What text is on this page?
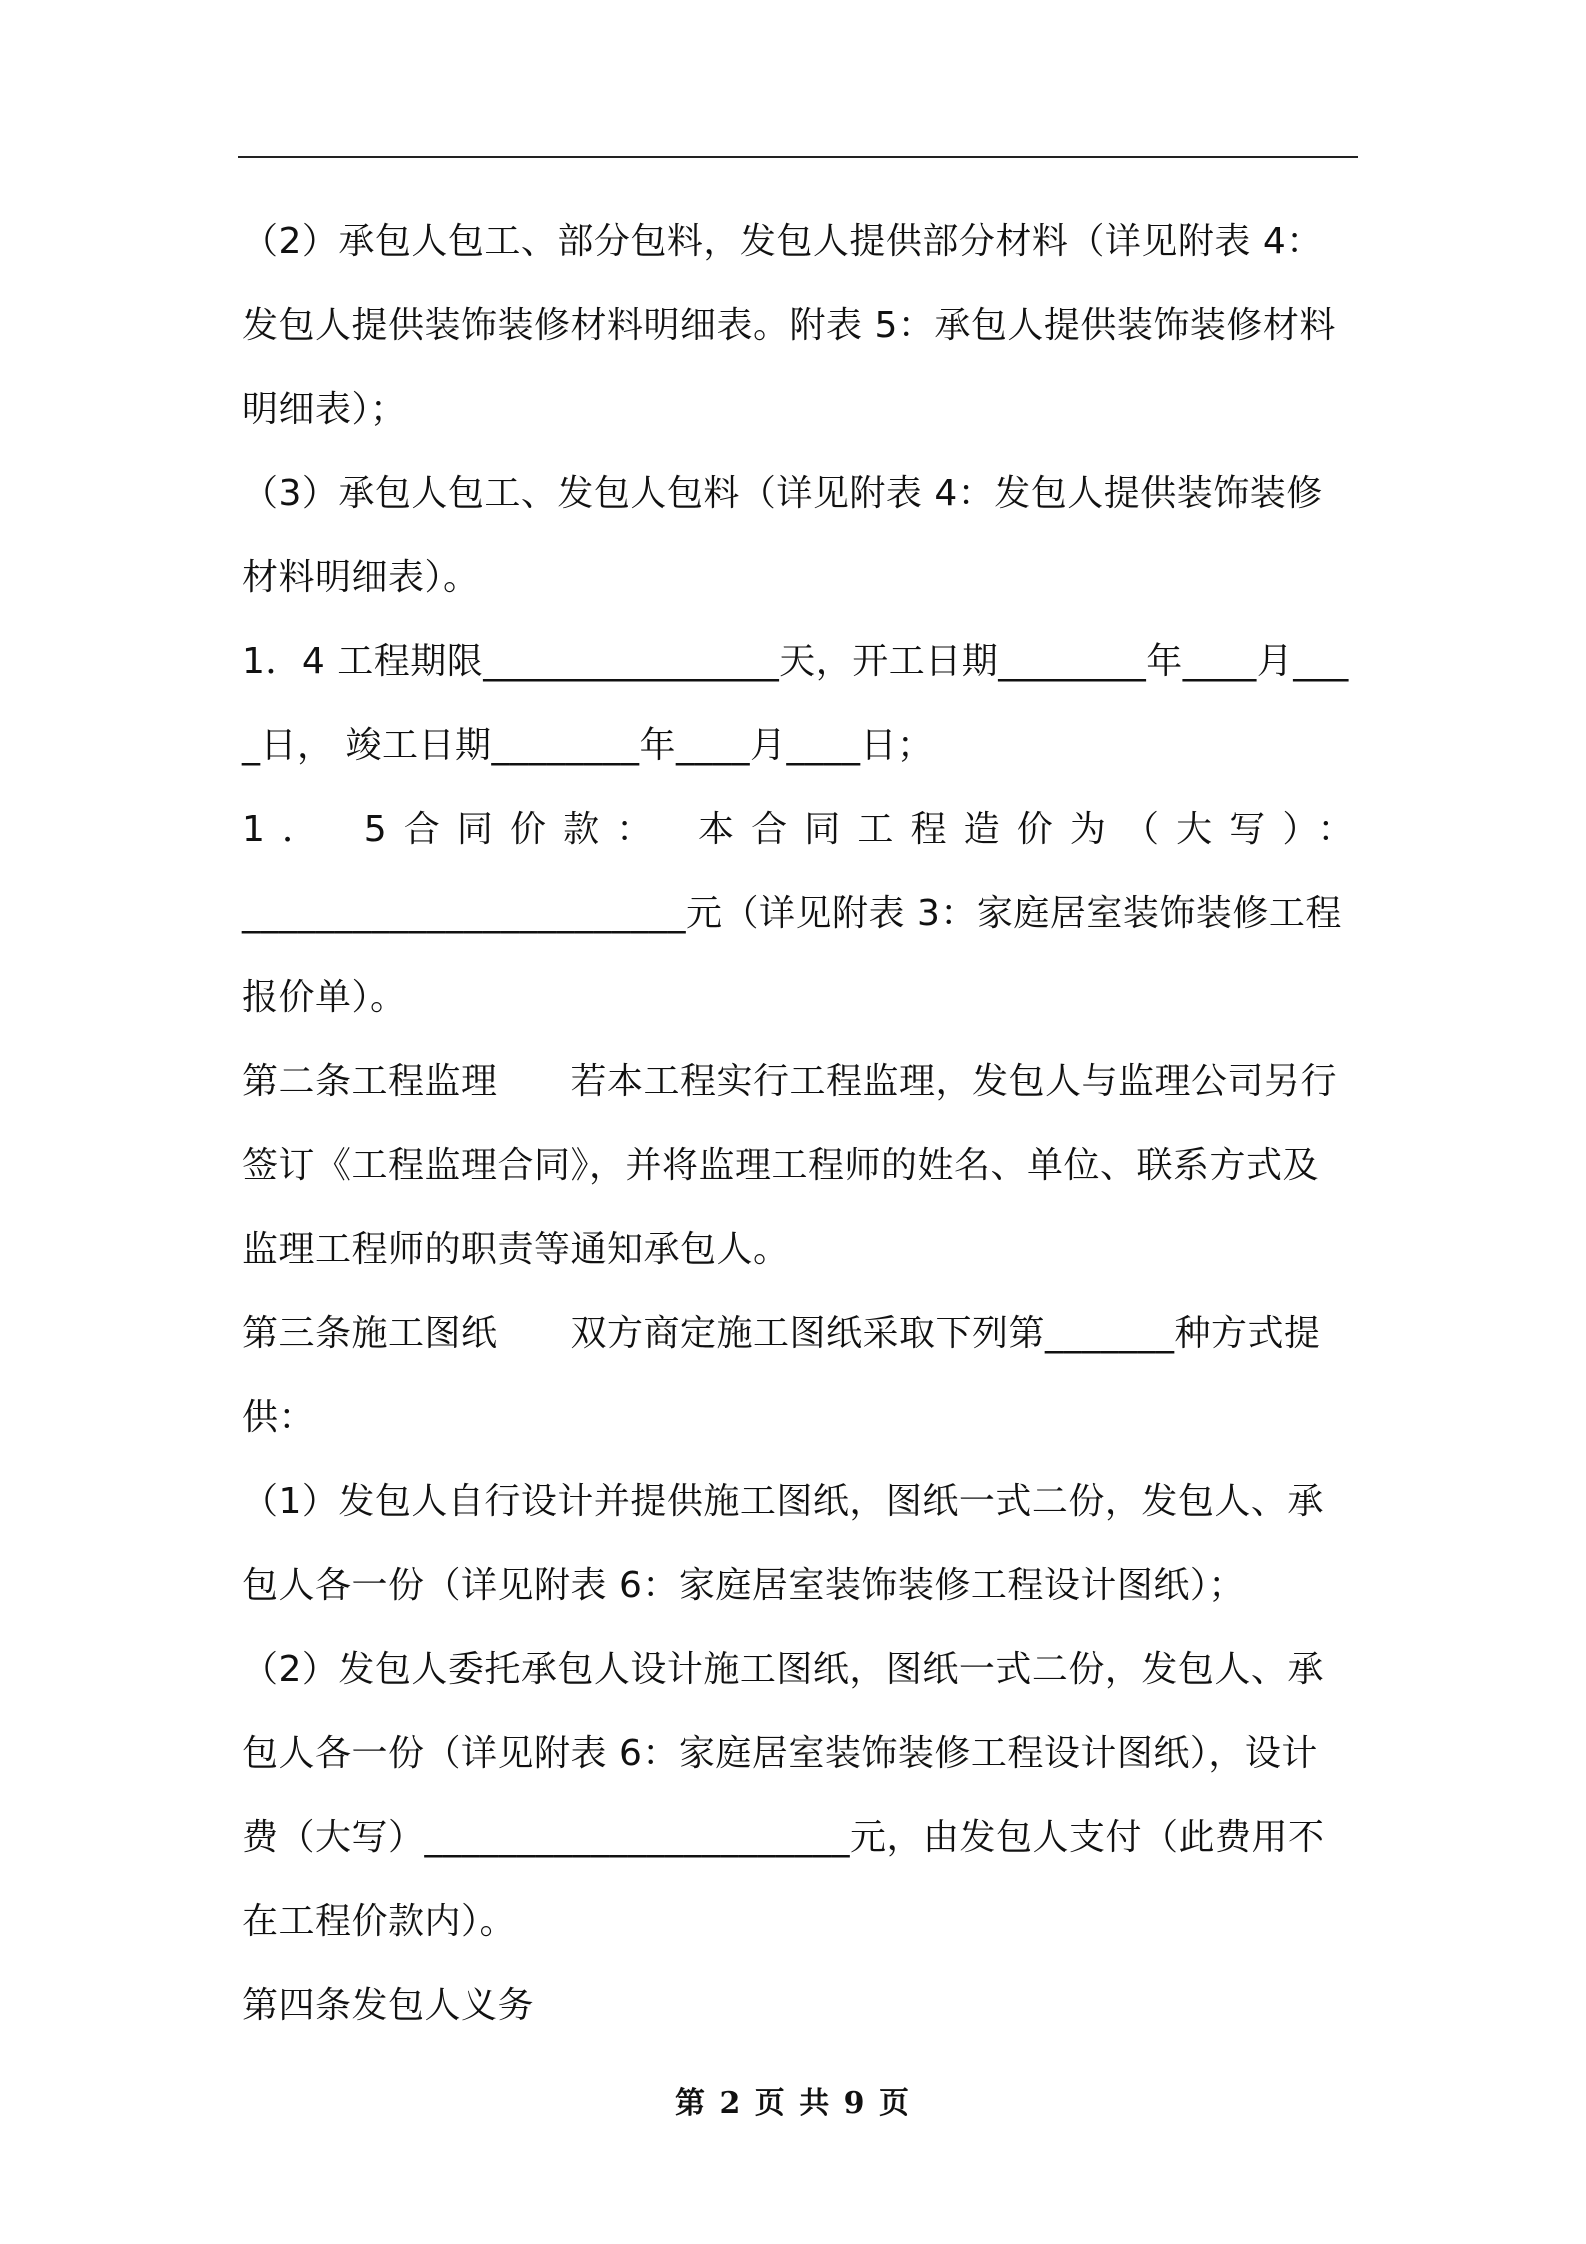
（2）承包人包工、部分包料，发包人提供部分材料（详见附表 4：发包人提供装饰装修材料明细表。附表 5：承包人提供装饰装修材料明细表）；

（3）承包人包工、发包人包料（详见附表 4：发包人提供装饰装修材料明细表）。

1．4 工程期限________________天，开工日期________年____月____日， 竣工日期________年____月____日；

1． 5合同价款： 本合同工程造价为（大写）：

________________________元（详见附表 3：家庭居室装饰装修工程报价单）。

第二条工程监理　　若本工程实行工程监理，发包人与监理公司另行签订《工程监理合同》，并将监理工程师的姓名、单位、联系方式及监理工程师的职责等通知承包人。

第三条施工图纸　　双方商定施工图纸采取下列第_______种方式提供：

（1）发包人自行设计并提供施工图纸，图纸一式二份，发包人、承包人各一份（详见附表 6：家庭居室装饰装修工程设计图纸）；

（2）发包人委托承包人设计施工图纸，图纸一式二份，发包人、承包人各一份（详见附表 6：家庭居室装饰装修工程设计图纸），设计费（大写）_______________________元，由发包人支付（此费用不在工程价款内）。

第四条发包人义务

第 2 页 共 9 页
